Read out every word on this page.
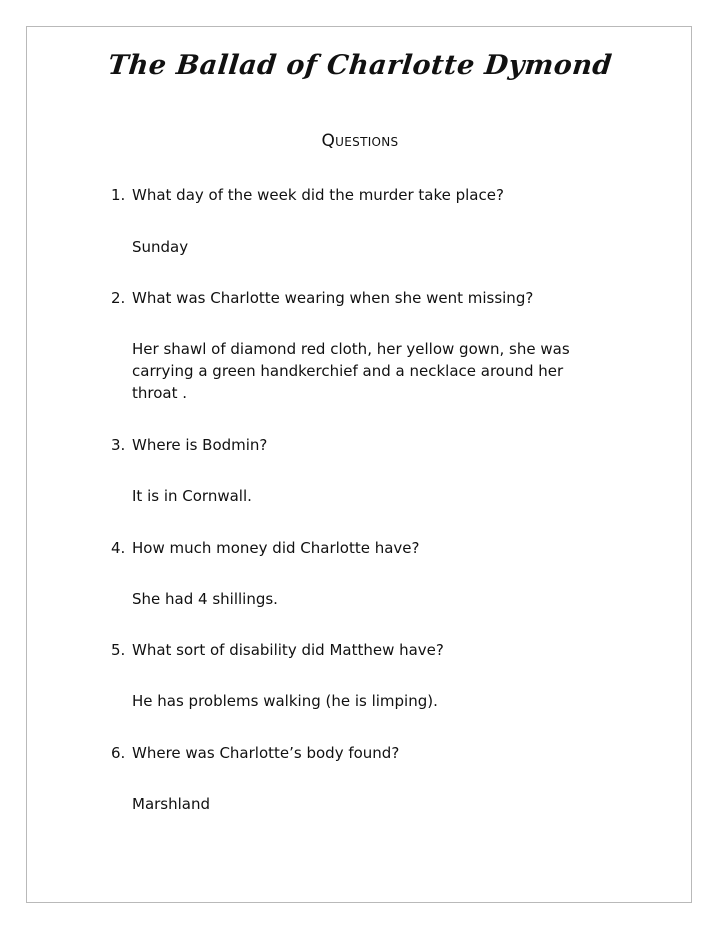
The Ballad of Charlotte Dymond
Questions
1. What day of the week did the murder take place?
Sunday
2. What was Charlotte wearing when she went missing?
Her shawl of diamond red cloth, her yellow gown, she was
carrying a green handkerchief and a necklace around her
throat .
3. Where is Bodmin?
It is in Cornwall.
4. How much money did Charlotte have?
She had 4 shillings.
5. What sort of disability did Matthew have?
He has problems walking (he is limping).
6. Where was Charlotte’s body found?
Marshland
